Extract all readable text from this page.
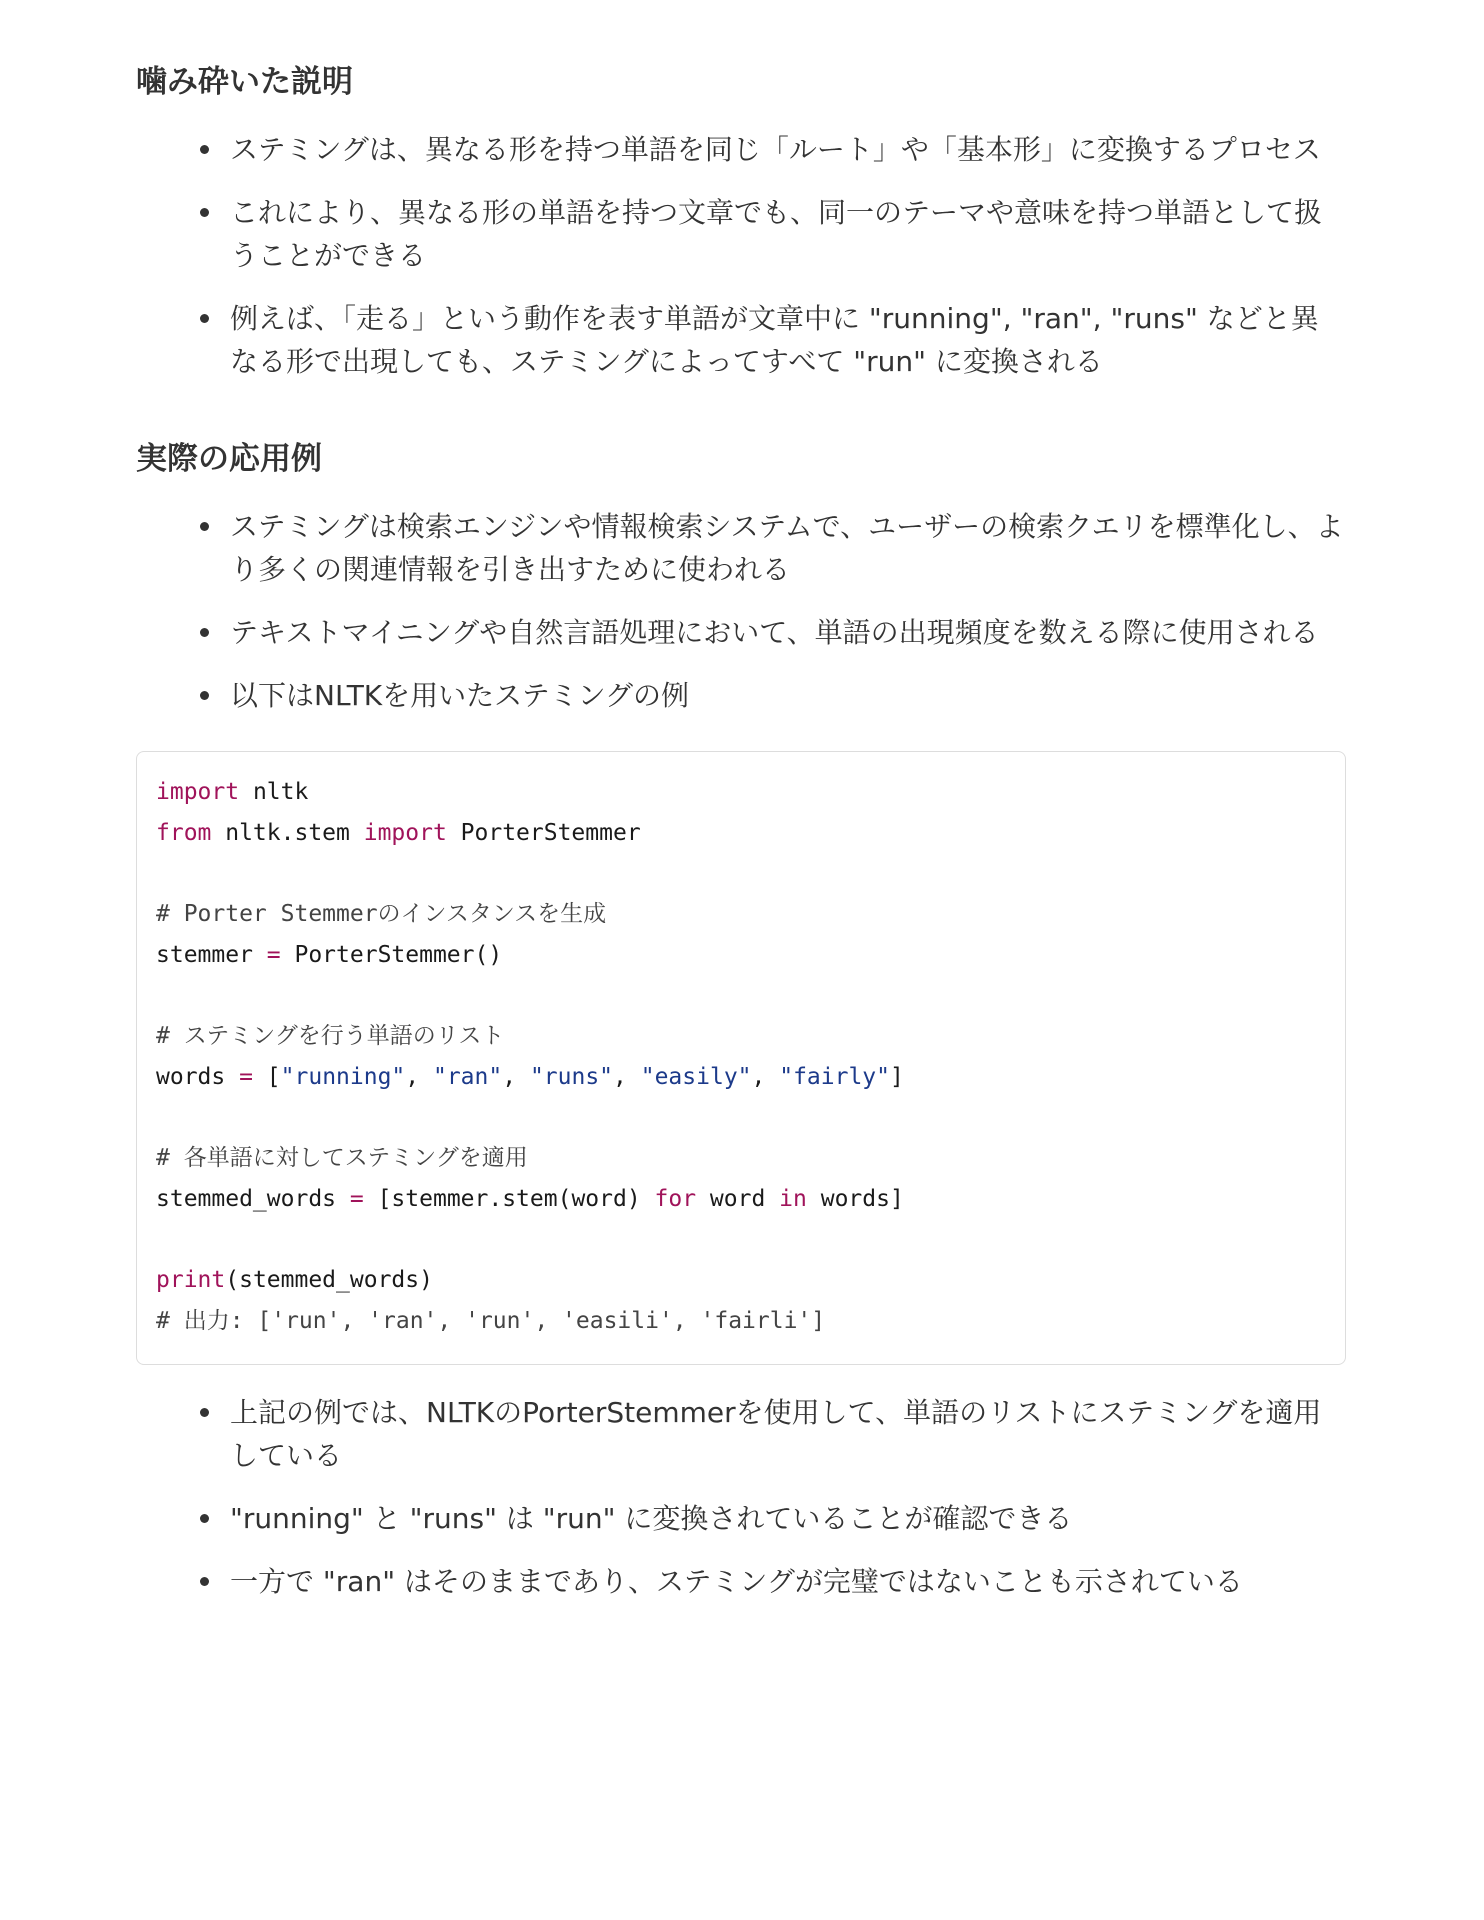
噛み砕いた説明
ステミングは、異なる形を持つ単語を同じ「ルート」や「基本形」に変換するプロセス
これにより、異なる形の単語を持つ文章でも、同一のテーマや意味を持つ単語として扱うことができる
例えば、「走る」という動作を表す単語が文章中に "running", "ran", "runs" などと異なる形で出現しても、ステミングによってすべて "run" に変換される
実際の応用例
ステミングは検索エンジンや情報検索システムで、ユーザーの検索クエリを標準化し、より多くの関連情報を引き出すために使われる
テキストマイニングや自然言語処理において、単語の出現頻度を数える際に使用される
以下はNLTKを用いたステミングの例
import nltk
from nltk.stem import PorterStemmer
# Porter Stemmerのインスタンスを生成
stemmer = PorterStemmer()
# ステミングを行う単語のリスト
words = ["running", "ran", "runs", "easily", "fairly"]
# 各単語に対してステミングを適用
stemmed_words = [stemmer.stem(word) for word in words]
print(stemmed_words)
# 出力: ['run', 'ran', 'run', 'easili', 'fairli']
上記の例では、NLTKのPorterStemmerを使用して、単語のリストにステミングを適用している
"running" と "runs" は "run" に変換されていることが確認できる
一方で "ran" はそのままであり、ステミングが完璧ではないことも示されている
